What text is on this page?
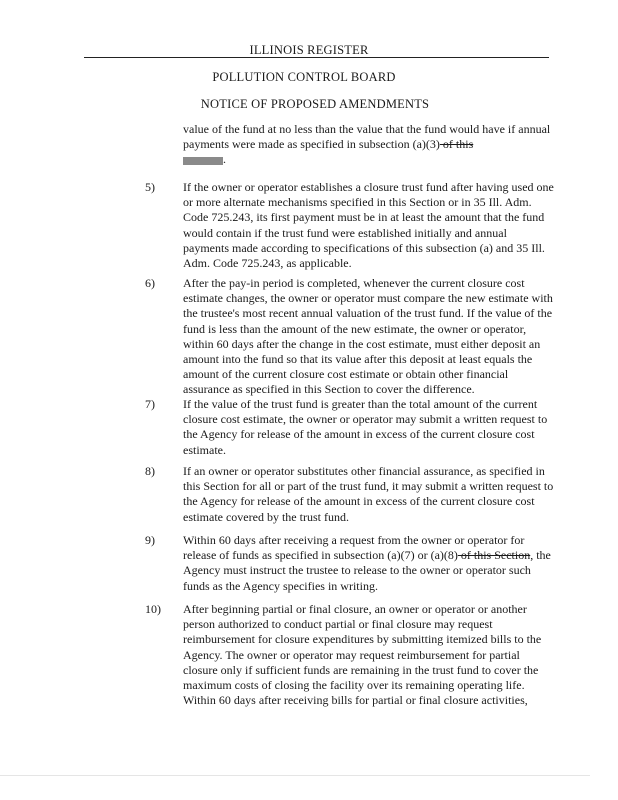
ILLINOIS REGISTER
POLLUTION CONTROL BOARD
NOTICE OF PROPOSED AMENDMENTS
value of the fund at no less than the value that the fund would have if annual payments were made as specified in subsection (a)(3) of this
.
5) If the owner or operator establishes a closure trust fund after having used one or more alternate mechanisms specified in this Section or in 35 Ill. Adm. Code 725.243, its first payment must be in at least the amount that the fund would contain if the trust fund were established initially and annual payments made according to specifications of this subsection (a) and 35 Ill. Adm. Code 725.243, as applicable.
6) After the pay-in period is completed, whenever the current closure cost estimate changes, the owner or operator must compare the new estimate with the trustee's most recent annual valuation of the trust fund. If the value of the fund is less than the amount of the new estimate, the owner or operator, within 60 days after the change in the cost estimate, must either deposit an amount into the fund so that its value after this deposit at least equals the amount of the current closure cost estimate or obtain other financial assurance as specified in this Section to cover the difference.
7) If the value of the trust fund is greater than the total amount of the current closure cost estimate, the owner or operator may submit a written request to the Agency for release of the amount in excess of the current closure cost estimate.
8) If an owner or operator substitutes other financial assurance, as specified in this Section for all or part of the trust fund, it may submit a written request to the Agency for release of the amount in excess of the current closure cost estimate covered by the trust fund.
9) Within 60 days after receiving a request from the owner or operator for release of funds as specified in subsection (a)(7) or (a)(8) of this Section, the Agency must instruct the trustee to release to the owner or operator such funds as the Agency specifies in writing.
10) After beginning partial or final closure, an owner or operator or another person authorized to conduct partial or final closure may request reimbursement for closure expenditures by submitting itemized bills to the Agency. The owner or operator may request reimbursement for partial closure only if sufficient funds are remaining in the trust fund to cover the maximum costs of closing the facility over its remaining operating life. Within 60 days after receiving bills for partial or final closure activities,
